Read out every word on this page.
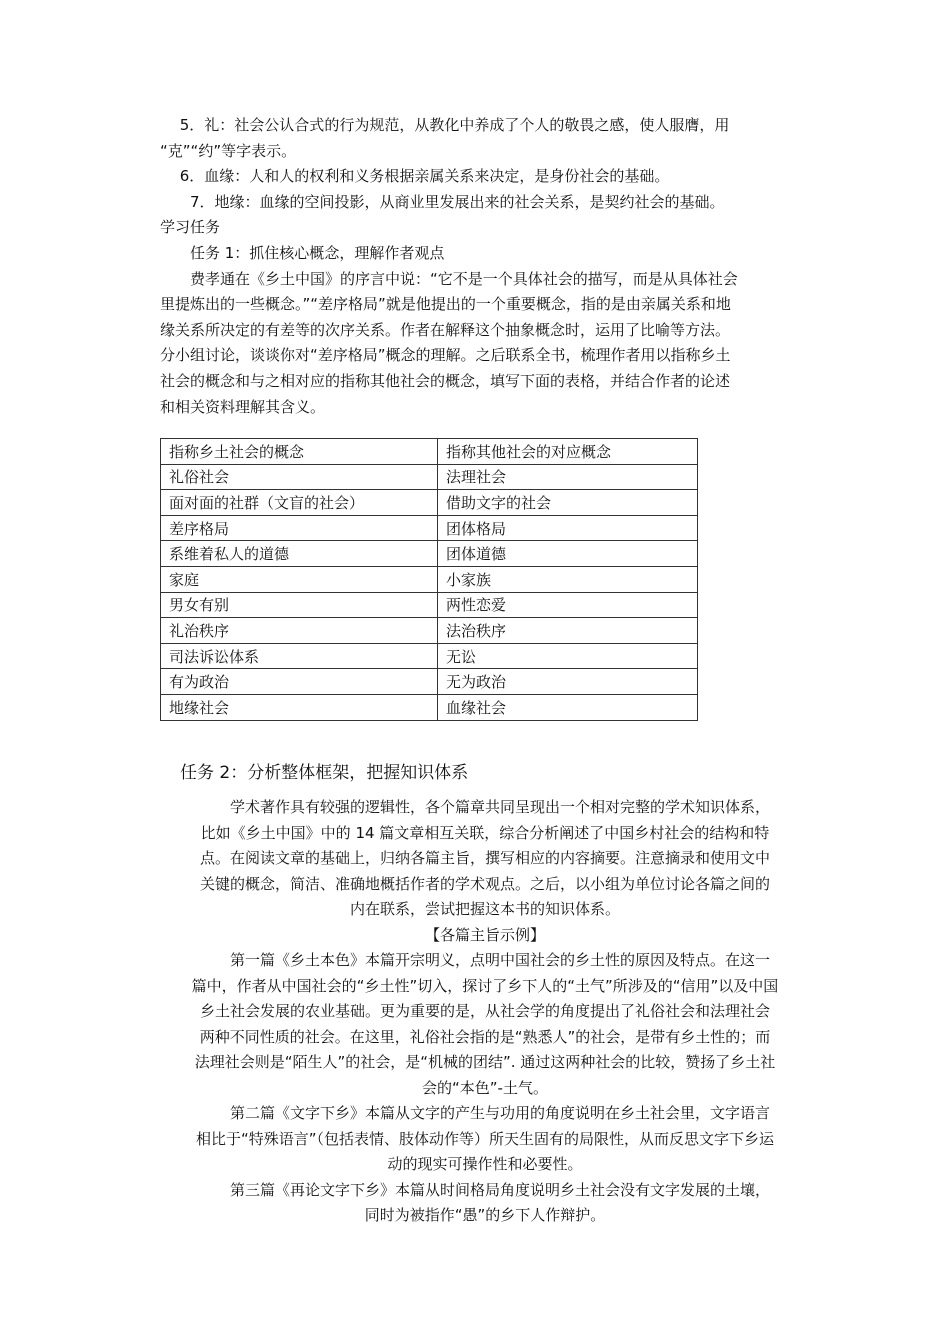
　 5．礼：社会公认合式的行为规范，从教化中养成了个人的敬畏之感，使人服膺，用

“克”“约”等字表示。

　 6．血缘：人和人的权利和义务根据亲属关系来决定，是身份社会的基础。

　　7．地缘：血缘的空间投影，从商业里发展出来的社会关系，是契约社会的基础。

学习任务

　　任务 1：抓住核心概念，理解作者观点

　　费孝通在《乡土中国》的序言中说：“它不是一个具体社会的描写，而是从具体社会

里提炼出的一些概念。”“差序格局”就是他提出的一个重要概念，指的是由亲属关系和地

缘关系所决定的有差等的次序关系。作者在解释这个抽象概念时，运用了比喻等方法。

分小组讨论，谈谈你对“差序格局”概念的理解。之后联系全书，梳理作者用以指称乡土

社会的概念和与之相对应的指称其他社会的概念，填写下面的表格，并结合作者的论述

和相关资料理解其含义。

指称乡土社会的概念	指称其他社会的对应概念
礼俗社会	法理社会
面对面的社群（文盲的社会）	借助文字的社会
差序格局	团体格局
系维着私人的道德	团体道德
家庭	小家族
男女有别	两性恋爱
礼治秩序	法治秩序
司法诉讼体系	无讼
有为政治	无为政治
地缘社会	血缘社会
任务 2：分析整体框架，把握知识体系

　　学术著作具有较强的逻辑性，各个篇章共同呈现出一个相对完整的学术知识体系，

比如《乡土中国》中的 14 篇文章相互关联，综合分析阐述了中国乡村社会的结构和特

点。在阅读文章的基础上，归纳各篇主旨，撰写相应的内容摘要。注意摘录和使用文中

关键的概念，简洁、准确地概括作者的学术观点。之后，以小组为单位讨论各篇之间的

内在联系，尝试把握这本书的知识体系。

【各篇主旨示例】

　　第一篇《乡土本色》本篇开宗明义，点明中国社会的乡土性的原因及特点。在这一

篇中，作者从中国社会的“乡土性”切入，探讨了乡下人的“土气”所涉及的“信用”以及中国

乡土社会发展的农业基础。更为重要的是，从社会学的角度提出了礼俗社会和法理社会

两种不同性质的社会。在这里，礼俗社会指的是“熟悉人”的社会，是带有乡土性的；而

法理社会则是“陌生人”的社会，是“机械的团结”. 通过这两种社会的比较，赞扬了乡土社

会的“本色”-土气。

　　第二篇《文字下乡》本篇从文字的产生与功用的角度说明在乡土社会里，文字语言

相比于“特殊语言”（包括表情、肢体动作等）所天生固有的局限性，从而反思文字下乡运

动的现实可操作性和必要性。

　　第三篇《再论文字下乡》本篇从时间格局角度说明乡土社会没有文字发展的土壤，

同时为被指作“愚”的乡下人作辩护。
